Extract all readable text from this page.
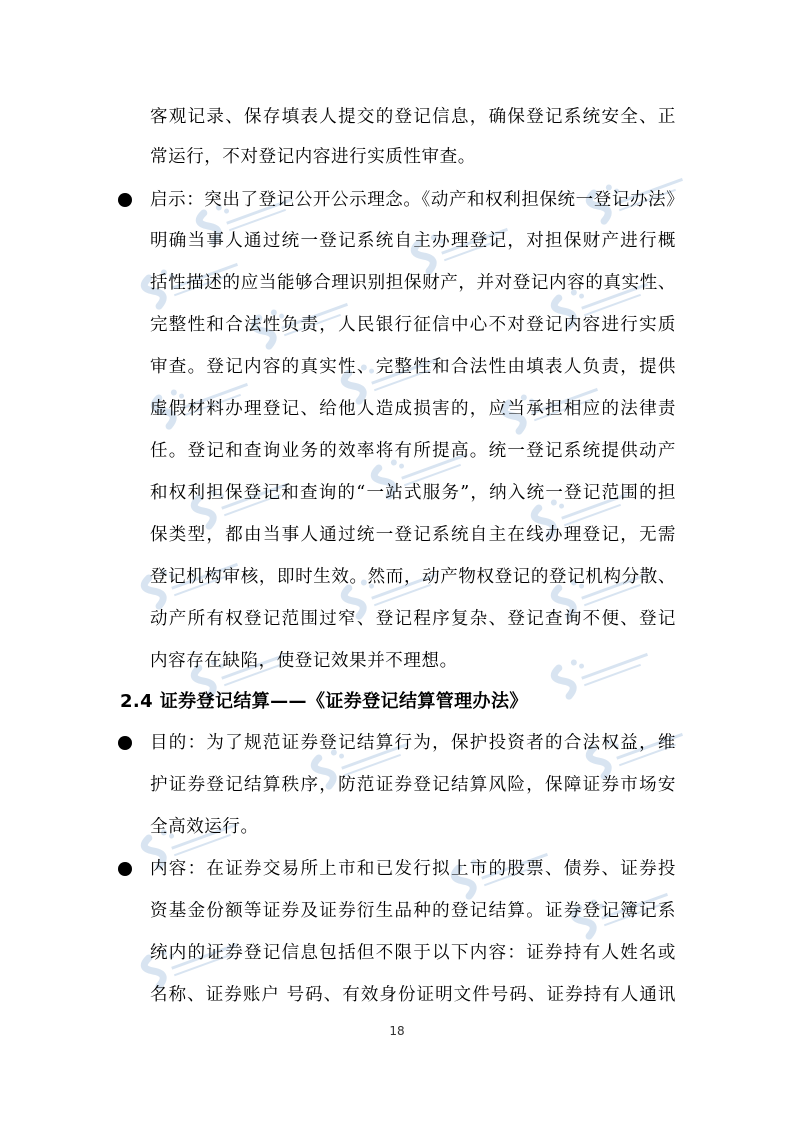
客观记录、保存填表人提交的登记信息，确保登记系统安全、正
常运行，不对登记内容进行实质性审查。
启示：突出了登记公开公示理念。《动产和权利担保统一登记办法》
明确当事人通过统一登记系统自主办理登记，对担保财产进行概
括性描述的应当能够合理识别担保财产，并对登记内容的真实性、
完整性和合法性负责，人民银行征信中心不对登记内容进行实质
审查。登记内容的真实性、完整性和合法性由填表人负责，提供
虚假材料办理登记、给他人造成损害的，应当承担相应的法律责
任。登记和查询业务的效率将有所提高。统一登记系统提供动产
和权利担保登记和查询的“一站式服务”，纳入统一登记范围的担
保类型，都由当事人通过统一登记系统自主在线办理登记，无需
登记机构审核，即时生效。然而，动产物权登记的登记机构分散、
动产所有权登记范围过窄、登记程序复杂、登记查询不便、登记
内容存在缺陷，使登记效果并不理想。
2.4 证券登记结算——《证券登记结算管理办法》
目的：为了规范证券登记结算行为，保护投资者的合法权益，维
护证券登记结算秩序，防范证券登记结算风险，保障证券市场安
全高效运行。
内容：在证券交易所上市和已发行拟上市的股票、债券、证券投
资基金份额等证券及证券衍生品种的登记结算。证券登记簿记系
统内的证券登记信息包括但不限于以下内容：证券持有人姓名或
名称、证券账户 号码、有效身份证明文件号码、证券持有人通讯
18
